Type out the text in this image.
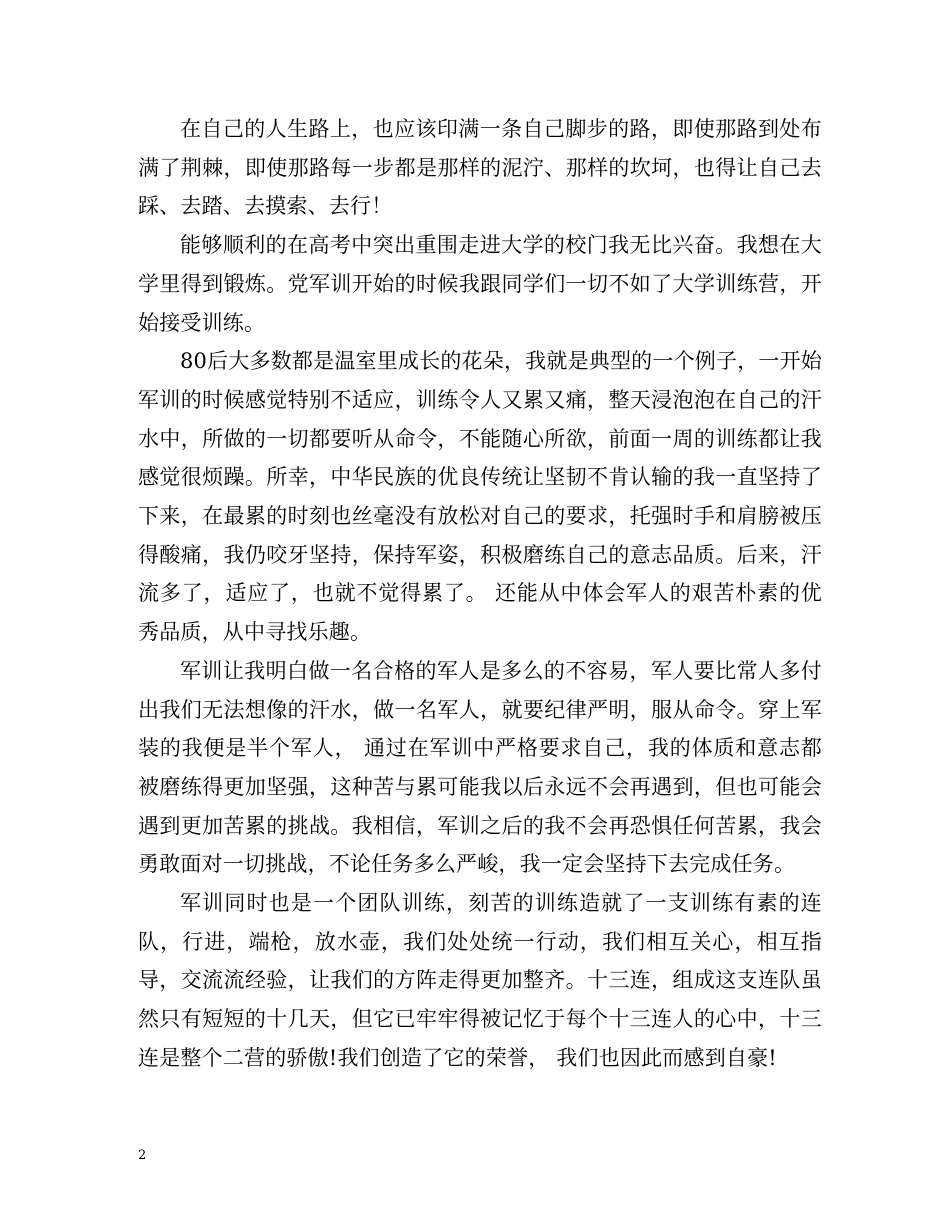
在自己的人生路上，也应该印满一条自己脚步的路，即使那路到处布满了荆棘，即使那路每一步都是那样的泥泞、那样的坎坷，也得让自己去踩、去踏、去摸索、去行！

能够顺利的在高考中突出重围走进大学的校门我无比兴奋。我想在大学里得到锻炼。党军训开始的时候我跟同学们一切不如了大学训练营，开始接受训练。

80后大多数都是温室里成长的花朵，我就是典型的一个例子，一开始军训的时候感觉特别不适应，训练令人又累又痛，整天浸泡泡在自己的汗水中，所做的一切都要听从命令，不能随心所欲，前面一周的训练都让我感觉很烦躁。所幸，中华民族的优良传统让坚韧不肯认输的我一直坚持了下来，在最累的时刻也丝毫没有放松对自己的要求，托强时手和肩膀被压得酸痛，我仍咬牙坚持，保持军姿，积极磨练自己的意志品质。后来，汗流多了，适应了，也就不觉得累了。 还能从中体会军人的艰苦朴素的优秀品质，从中寻找乐趣。

军训让我明白做一名合格的军人是多么的不容易，军人要比常人多付出我们无法想像的汗水，做一名军人，就要纪律严明，服从命令。穿上军装的我便是半个军人， 通过在军训中严格要求自己，我的体质和意志都被磨练得更加坚强，这种苦与累可能我以后永远不会再遇到，但也可能会遇到更加苦累的挑战。我相信，军训之后的我不会再恐惧任何苦累，我会勇敢面对一切挑战，不论任务多么严峻，我一定会坚持下去完成任务。

军训同时也是一个团队训练，刻苦的训练造就了一支训练有素的连队，行进，端枪，放水壶，我们处处统一行动，我们相互关心，相互指导，交流流经验，让我们的方阵走得更加整齐。十三连，组成这支连队虽然只有短短的十几天，但它已牢牢得被记忆于每个十三连人的心中，十三连是整个二营的骄傲!我们创造了它的荣誉， 我们也因此而感到自豪!

2
